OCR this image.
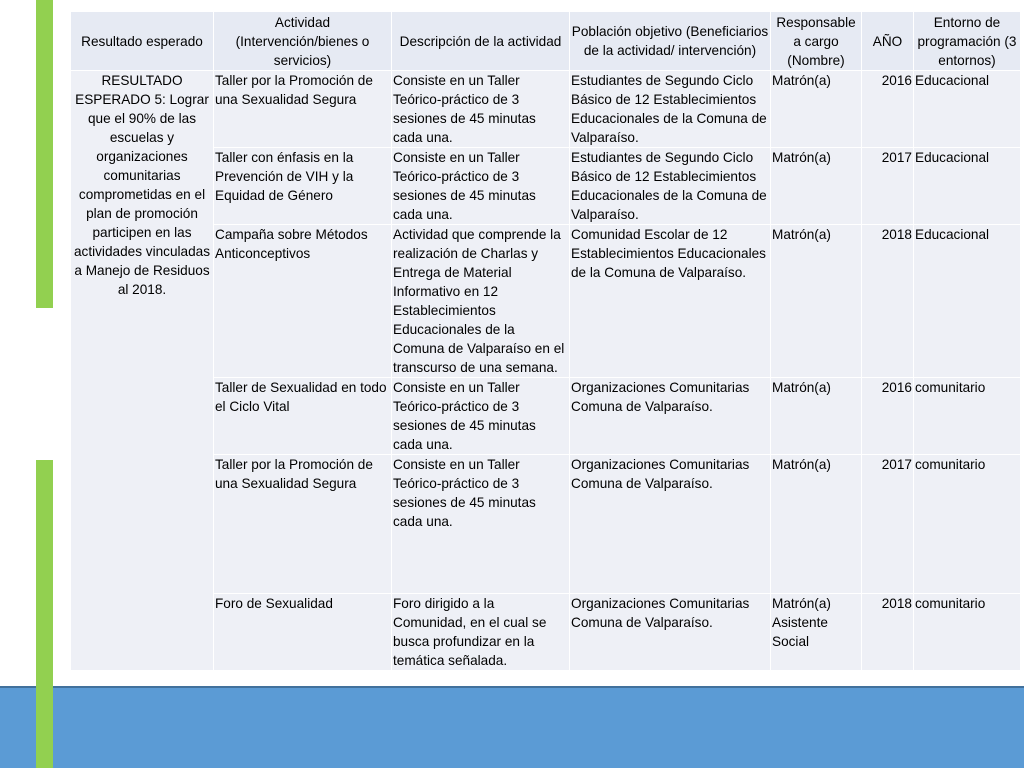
Resultado esperado	Actividad (Intervención/bienes o servicios)	Descripción de la actividad	Población objetivo (Beneficiarios de la actividad/ intervención)	Responsable a cargo (Nombre)	AÑO	Entorno de programación (3 entornos)
RESULTADO ESPERADO 5: Lograr que el 90% de las escuelas y organizaciones comunitarias comprometidas en el plan de promoción participen en las actividades vinculadas a Manejo de Residuos al 2018.	Taller por la Promoción de una Sexualidad Segura	Consiste en un Taller Teórico-práctico de 3 sesiones de 45 minutas cada una.	Estudiantes de Segundo Ciclo Básico de 12 Establecimientos Educacionales de la Comuna de Valparaíso.	Matrón(a)	2016	Educacional
	Taller con énfasis en la Prevención de VIH y la Equidad de Género	Consiste en un Taller Teórico-práctico de 3 sesiones de 45 minutas cada una.	Estudiantes de Segundo Ciclo Básico de 12 Establecimientos Educacionales de la Comuna de Valparaíso.	Matrón(a)	2017	Educacional
	Campaña sobre Métodos Anticonceptivos	Actividad que comprende la realización de Charlas y Entrega de Material Informativo en 12 Establecimientos Educacionales de la Comuna de Valparaíso en el transcurso de una semana.	Comunidad Escolar de 12 Establecimientos Educacionales de la Comuna de Valparaíso.	Matrón(a)	2018	Educacional
	Taller de Sexualidad en todo el Ciclo Vital	Consiste en un Taller Teórico-práctico de 3 sesiones de 45 minutas cada una.	Organizaciones Comunitarias Comuna de Valparaíso.	Matrón(a)	2016	comunitario
	Taller por la Promoción de una Sexualidad Segura	Consiste en un Taller Teórico-práctico de 3 sesiones de 45 minutas cada una.	Organizaciones Comunitarias Comuna de Valparaíso.	Matrón(a)	2017	comunitario
	Foro de Sexualidad	Foro dirigido a la Comunidad, en el cual se busca profundizar en la temática señalada.	Organizaciones Comunitarias Comuna de Valparaíso.	Matrón(a) Asistente Social	2018	comunitario
